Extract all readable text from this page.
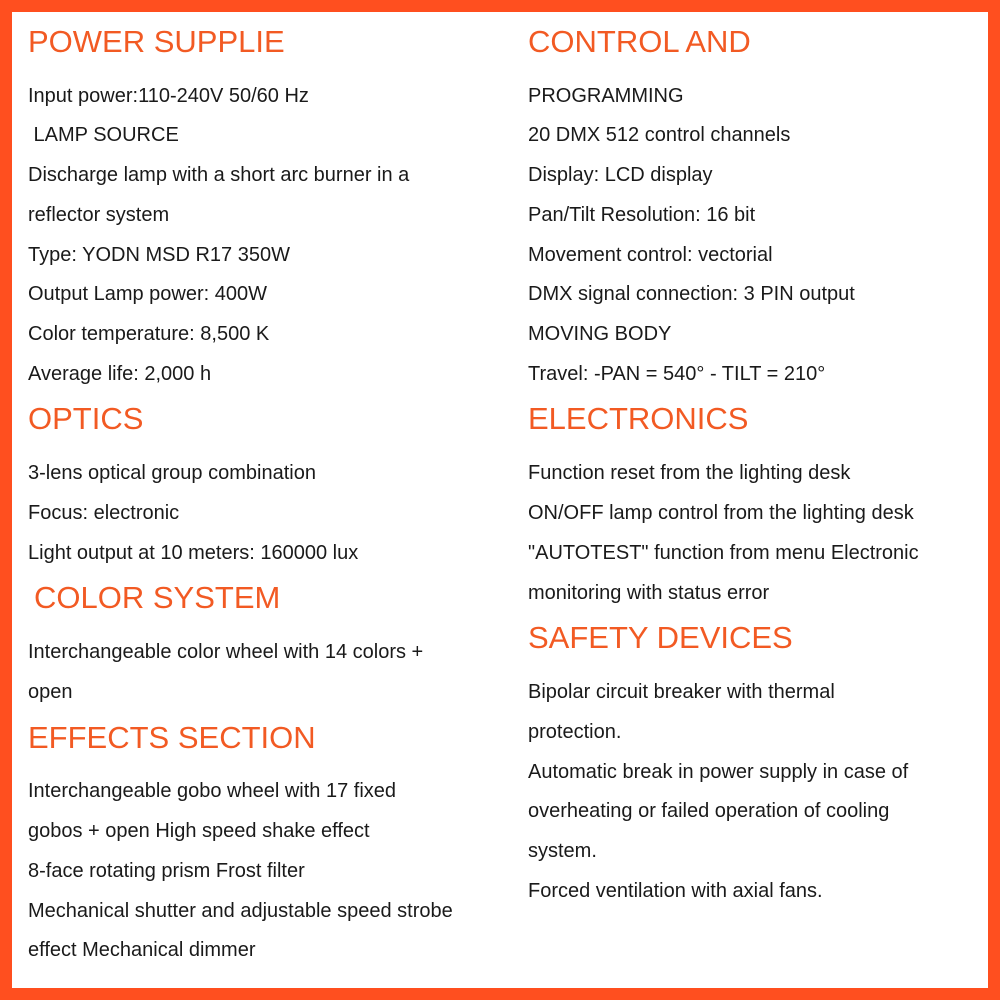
POWER SUPPLIE
Input power:110-240V 50/60 Hz
LAMP SOURCE
Discharge lamp with a short arc burner in a
reflector system
Type: YODN MSD R17 350W
Output Lamp power: 400W
Color temperature: 8,500 K
Average life: 2,000 h
OPTICS
3-lens optical group combination
Focus: electronic
Light output at 10 meters: 160000 lux
COLOR SYSTEM
Interchangeable color wheel with 14 colors +
open
EFFECTS SECTION
Interchangeable gobo wheel with 17 fixed
gobos + open High speed shake effect
8-face rotating prism Frost filter
Mechanical shutter and adjustable speed strobe
effect Mechanical dimmer
CONTROL AND
PROGRAMMING
20 DMX 512 control channels
Display: LCD display
Pan/Tilt Resolution: 16 bit
Movement control: vectorial
DMX signal connection: 3 PIN output
MOVING BODY
Travel: -PAN = 540° - TILT = 210°
ELECTRONICS
Function reset from the lighting desk
ON/OFF lamp control from the lighting desk
"AUTOTEST" function from menu Electronic
monitoring with status error
SAFETY DEVICES
Bipolar circuit breaker with thermal
protection.
Automatic break in power supply in case of
overheating or failed operation of cooling
system.
Forced ventilation with axial fans.
